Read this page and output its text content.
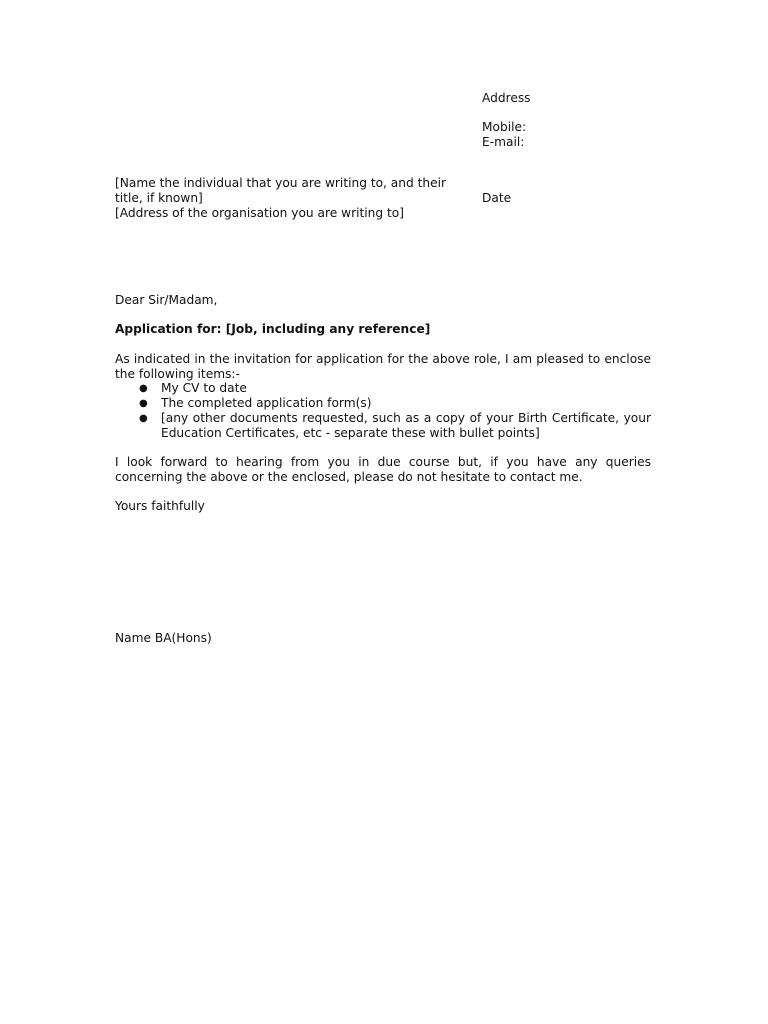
Address
Mobile:
E-mail:
[Name the individual that you are writing to, and their title, if known]
[Address of the organisation you are writing to]
Date
Dear Sir/Madam,
Application for: [Job, including any reference]
As indicated in the invitation for application for the above role, I am pleased to enclose the following items:-
● My CV to date
● The completed application form(s)
● [any other documents requested, such as a copy of your Birth Certificate, your Education Certificates, etc - separate these with bullet points]
I look forward to hearing from you in due course but, if you have any queries concerning the above or the enclosed, please do not hesitate to contact me.
Yours faithfully
Name BA(Hons)
